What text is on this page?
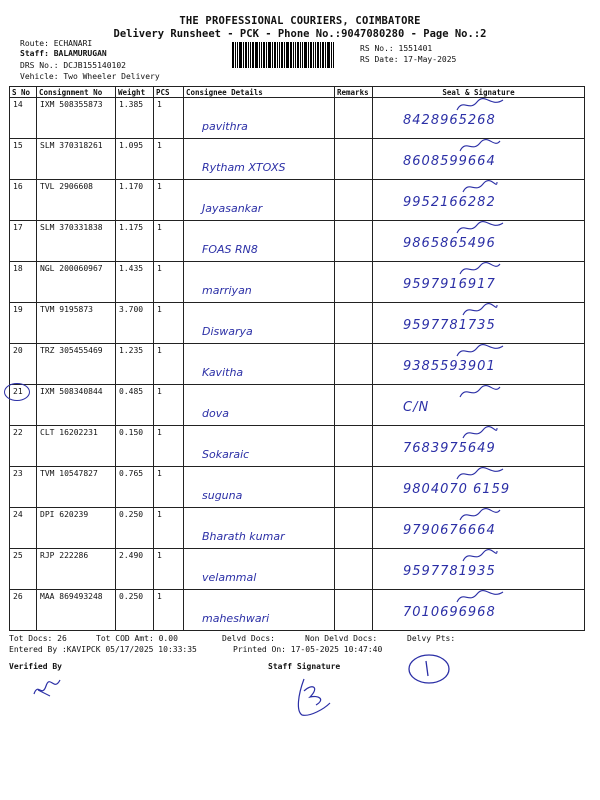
THE PROFESSIONAL COURIERS, COIMBATORE
Delivery Runsheet - PCK - Phone No.:9047080280 - Page No.:2
Route: ECHANARI
Staff: BALAMURUGAN
DRS No.: DCJB155140102
Vehicle: Two Wheeler Delivery
RS No.: 1551401
RS Date: 17-May-2025
S No	Consignment No	Weight	PCS	Consignee Details	Remarks	Seal & Signature
14	IXM 508355873	1.385	1	pavithra		8428965268

15	SLM 370318261	1.095	1	Rytham XTOXS		8608599664

16	TVL 2906608	1.170	1	Jayasankar		9952166282

17	SLM 370331838	1.175	1	FOAS RN8		9865865496

18	NGL 200060967	1.435	1	marriyan		9597916917

19	TVM 9195873	3.700	1	Diswarya		9597781735

20	TRZ 305455469	1.235	1	Kavitha		9385593901

21	IXM 508340844	0.485	1	dova		C/N

22	CLT 16202231	0.150	1	Sokaraic		7683975649

23	TVM 10547827	0.765	1	suguna		9804070 6159

24	DPI 620239	0.250	1	Bharath kumar		9790676664

25	RJP 222286	2.490	1	velammal		9597781935

26	MAA 869493248	0.250	1	maheshwari		7010696968
Tot Docs: 26	Tot COD Amt: 0.00	Delvd Docs:	Non Delvd Docs:	Delvy Pts:
Entered By :KAVIPCK 05/17/2025 10:33:35	Printed On: 17-05-2025 10:47:40
Verified By	Staff Signature
